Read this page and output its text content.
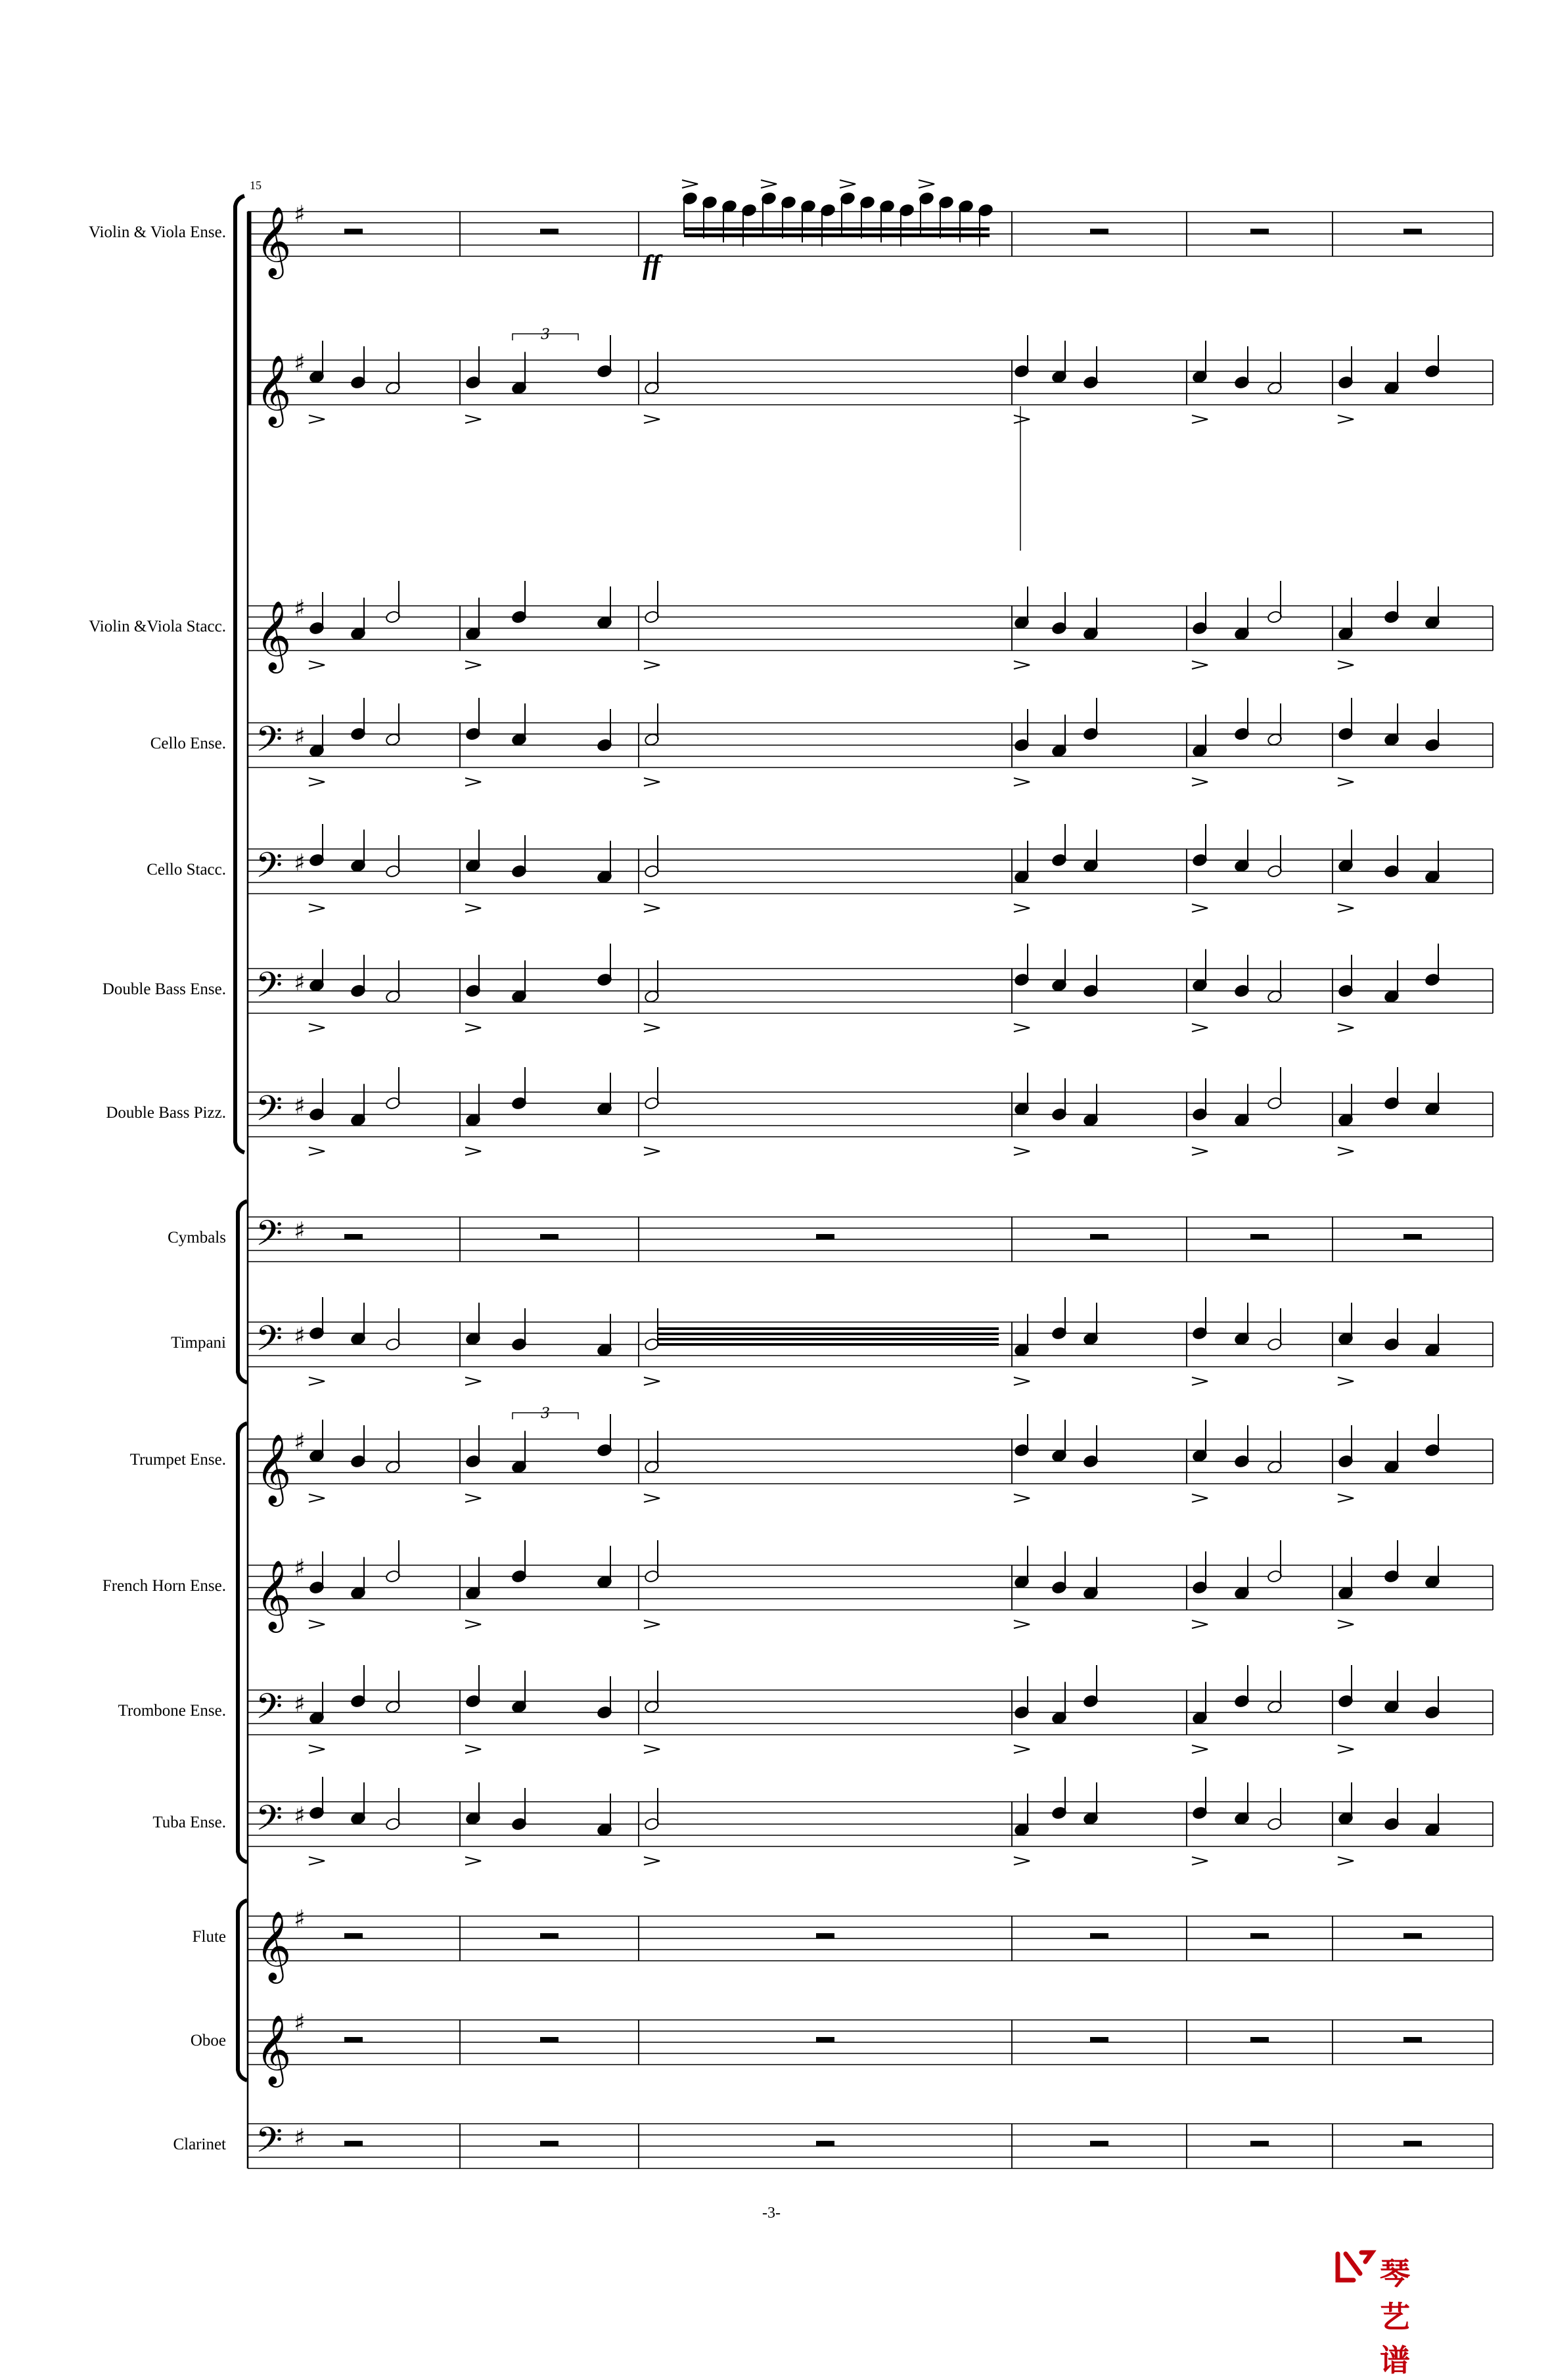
-3-
15
ff
琴艺谱
Violin & Viola Ense.
Violin &Viola Stacc.
Cello Ense.
Cello Stacc.
Double Bass Ense.
Double Bass Pizz.
Cymbals
Timpani
Trumpet Ense.
French Horn Ense.
Trombone Ense.
Tuba Ense.
Flute
Oboe
Clarinet
𝄞 ♯
𝄞 ♯
𝄞 ♯
𝄢 ♯
𝄢 ♯
𝄢 ♯
𝄢 ♯
𝄢 ♯
𝄢 ♯
𝄞 ♯
𝄞 ♯
𝄢 ♯
𝄢 ♯
𝄞 ♯
𝄞 ♯
𝄢 ♯
3
3
